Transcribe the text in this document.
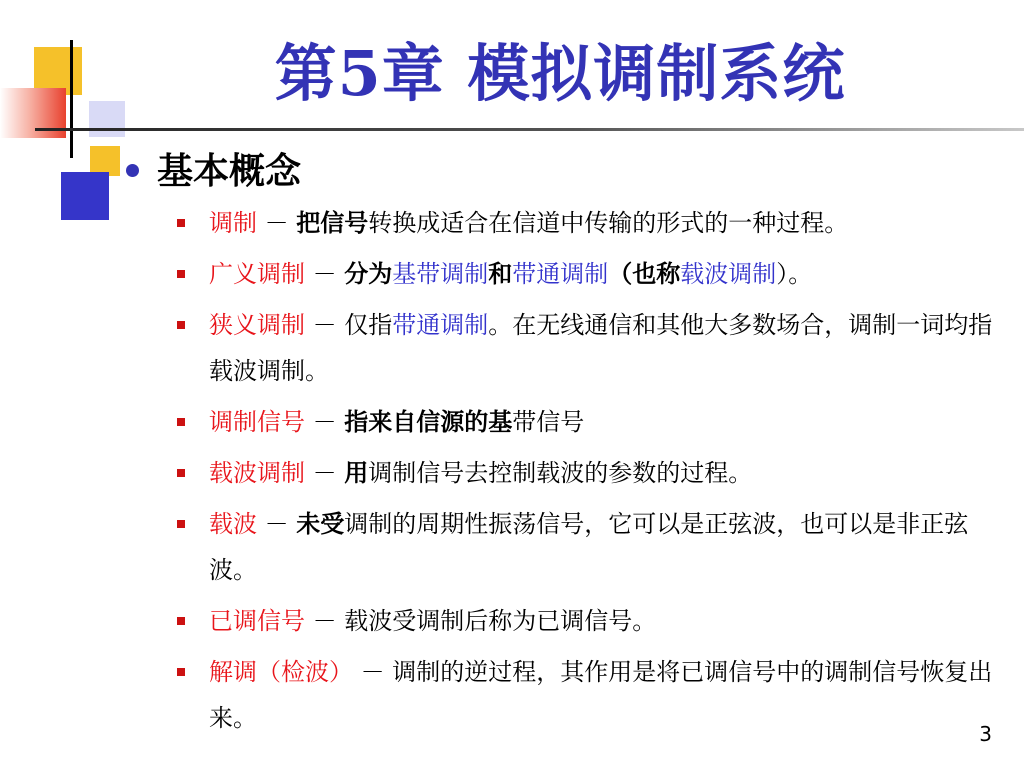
第5章 模拟调制系统
基本概念
调制 － 把信号转换成适合在信道中传输的形式的一种过程。
广义调制 － 分为基带调制和带通调制（也称载波调制）。
狭义调制 － 仅指带通调制。在无线通信和其他大多数场合，调制一词均指载波调制。
调制信号 － 指来自信源的基带信号
载波调制 － 用调制信号去控制载波的参数的过程。
载波 － 未受调制的周期性振荡信号，它可以是正弦波，也可以是非正弦波。
已调信号 － 载波受调制后称为已调信号。
解调（检波） － 调制的逆过程，其作用是将已调信号中的调制信号恢复出来。
3
